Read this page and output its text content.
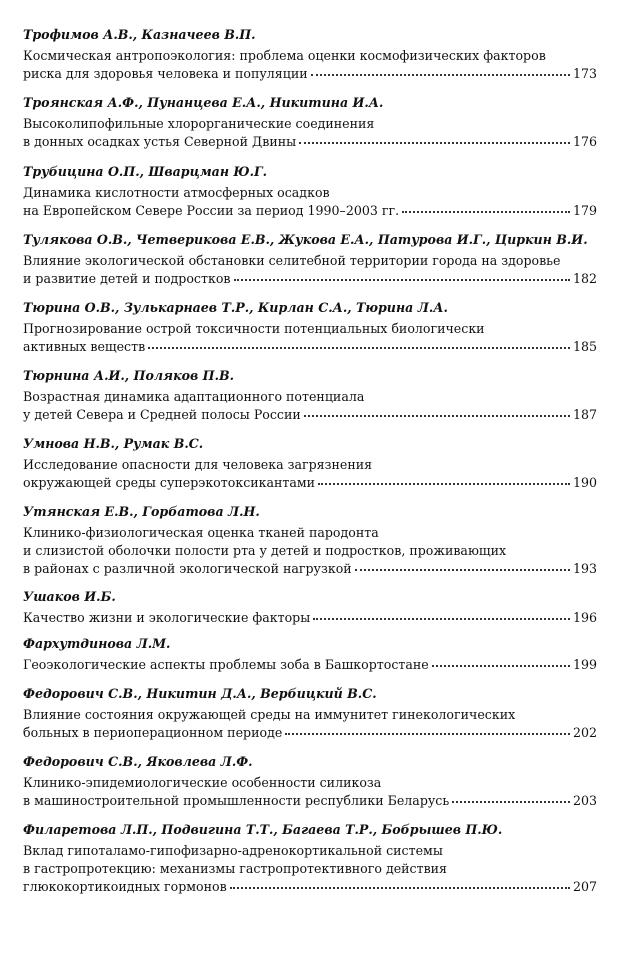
Трофимов А.В., Казначеев В.П.
Космическая антропоэкология: проблема оценки космофизических факторов
риска для здоровья человека и популяции	173
Троянская А.Ф., Пунанцева Е.А., Никитина И.А.
Высоколипофильные хлорорганические соединения
в донных осадках устья Северной Двины	176
Трубицина О.П., Шварцман Ю.Г.
Динамика кислотности атмосферных осадков
на Европейском Севере России за период 1990–2003 гг.	179
Тулякова О.В., Четверикова Е.В., Жукова Е.А., Патурова И.Г., Циркин В.И.
Влияние экологической обстановки селитебной территории города на здоровье
и развитие детей и подростков	182
Тюрина О.В., Зулькарнаев Т.Р., Кирлан С.А., Тюрина Л.А.
Прогнозирование острой токсичности потенциальных биологически
активных веществ	185
Тюрнина А.И., Поляков П.В.
Возрастная динамика адаптационного потенциала
у детей Севера и Средней полосы России	187
Умнова Н.В., Румак В.С.
Исследование опасности для человека загрязнения
окружающей среды суперэкотоксикантами	190
Утянская Е.В., Горбатова Л.Н.
Клинико-физиологическая оценка тканей пародонта
и слизистой оболочки полости рта у детей и подростков, проживающих
в районах с различной экологической нагрузкой	193
Ушаков И.Б.
Качество жизни и экологические факторы	196
Фархутдинова Л.М.
Геоэкологические аспекты проблемы зоба в Башкортостане	199
Федорович С.В., Никитин Д.А., Вербицкий В.С.
Влияние состояния окружающей среды на иммунитет гинекологических
больных в периоперационном периоде	202
Федорович С.В., Яковлева Л.Ф.
Клинико-эпидемиологические особенности силикоза
в машиностроительной промышленности республики Беларусь	203
Филаретова Л.П., Подвигина Т.Т., Багаева Т.Р., Бобрышев П.Ю.
Вклад гипоталамо-гипофизарно-адренокортикальной системы
в гастропротекцию: механизмы гастропротективного действия
глюкокортикоидных гормонов	207
